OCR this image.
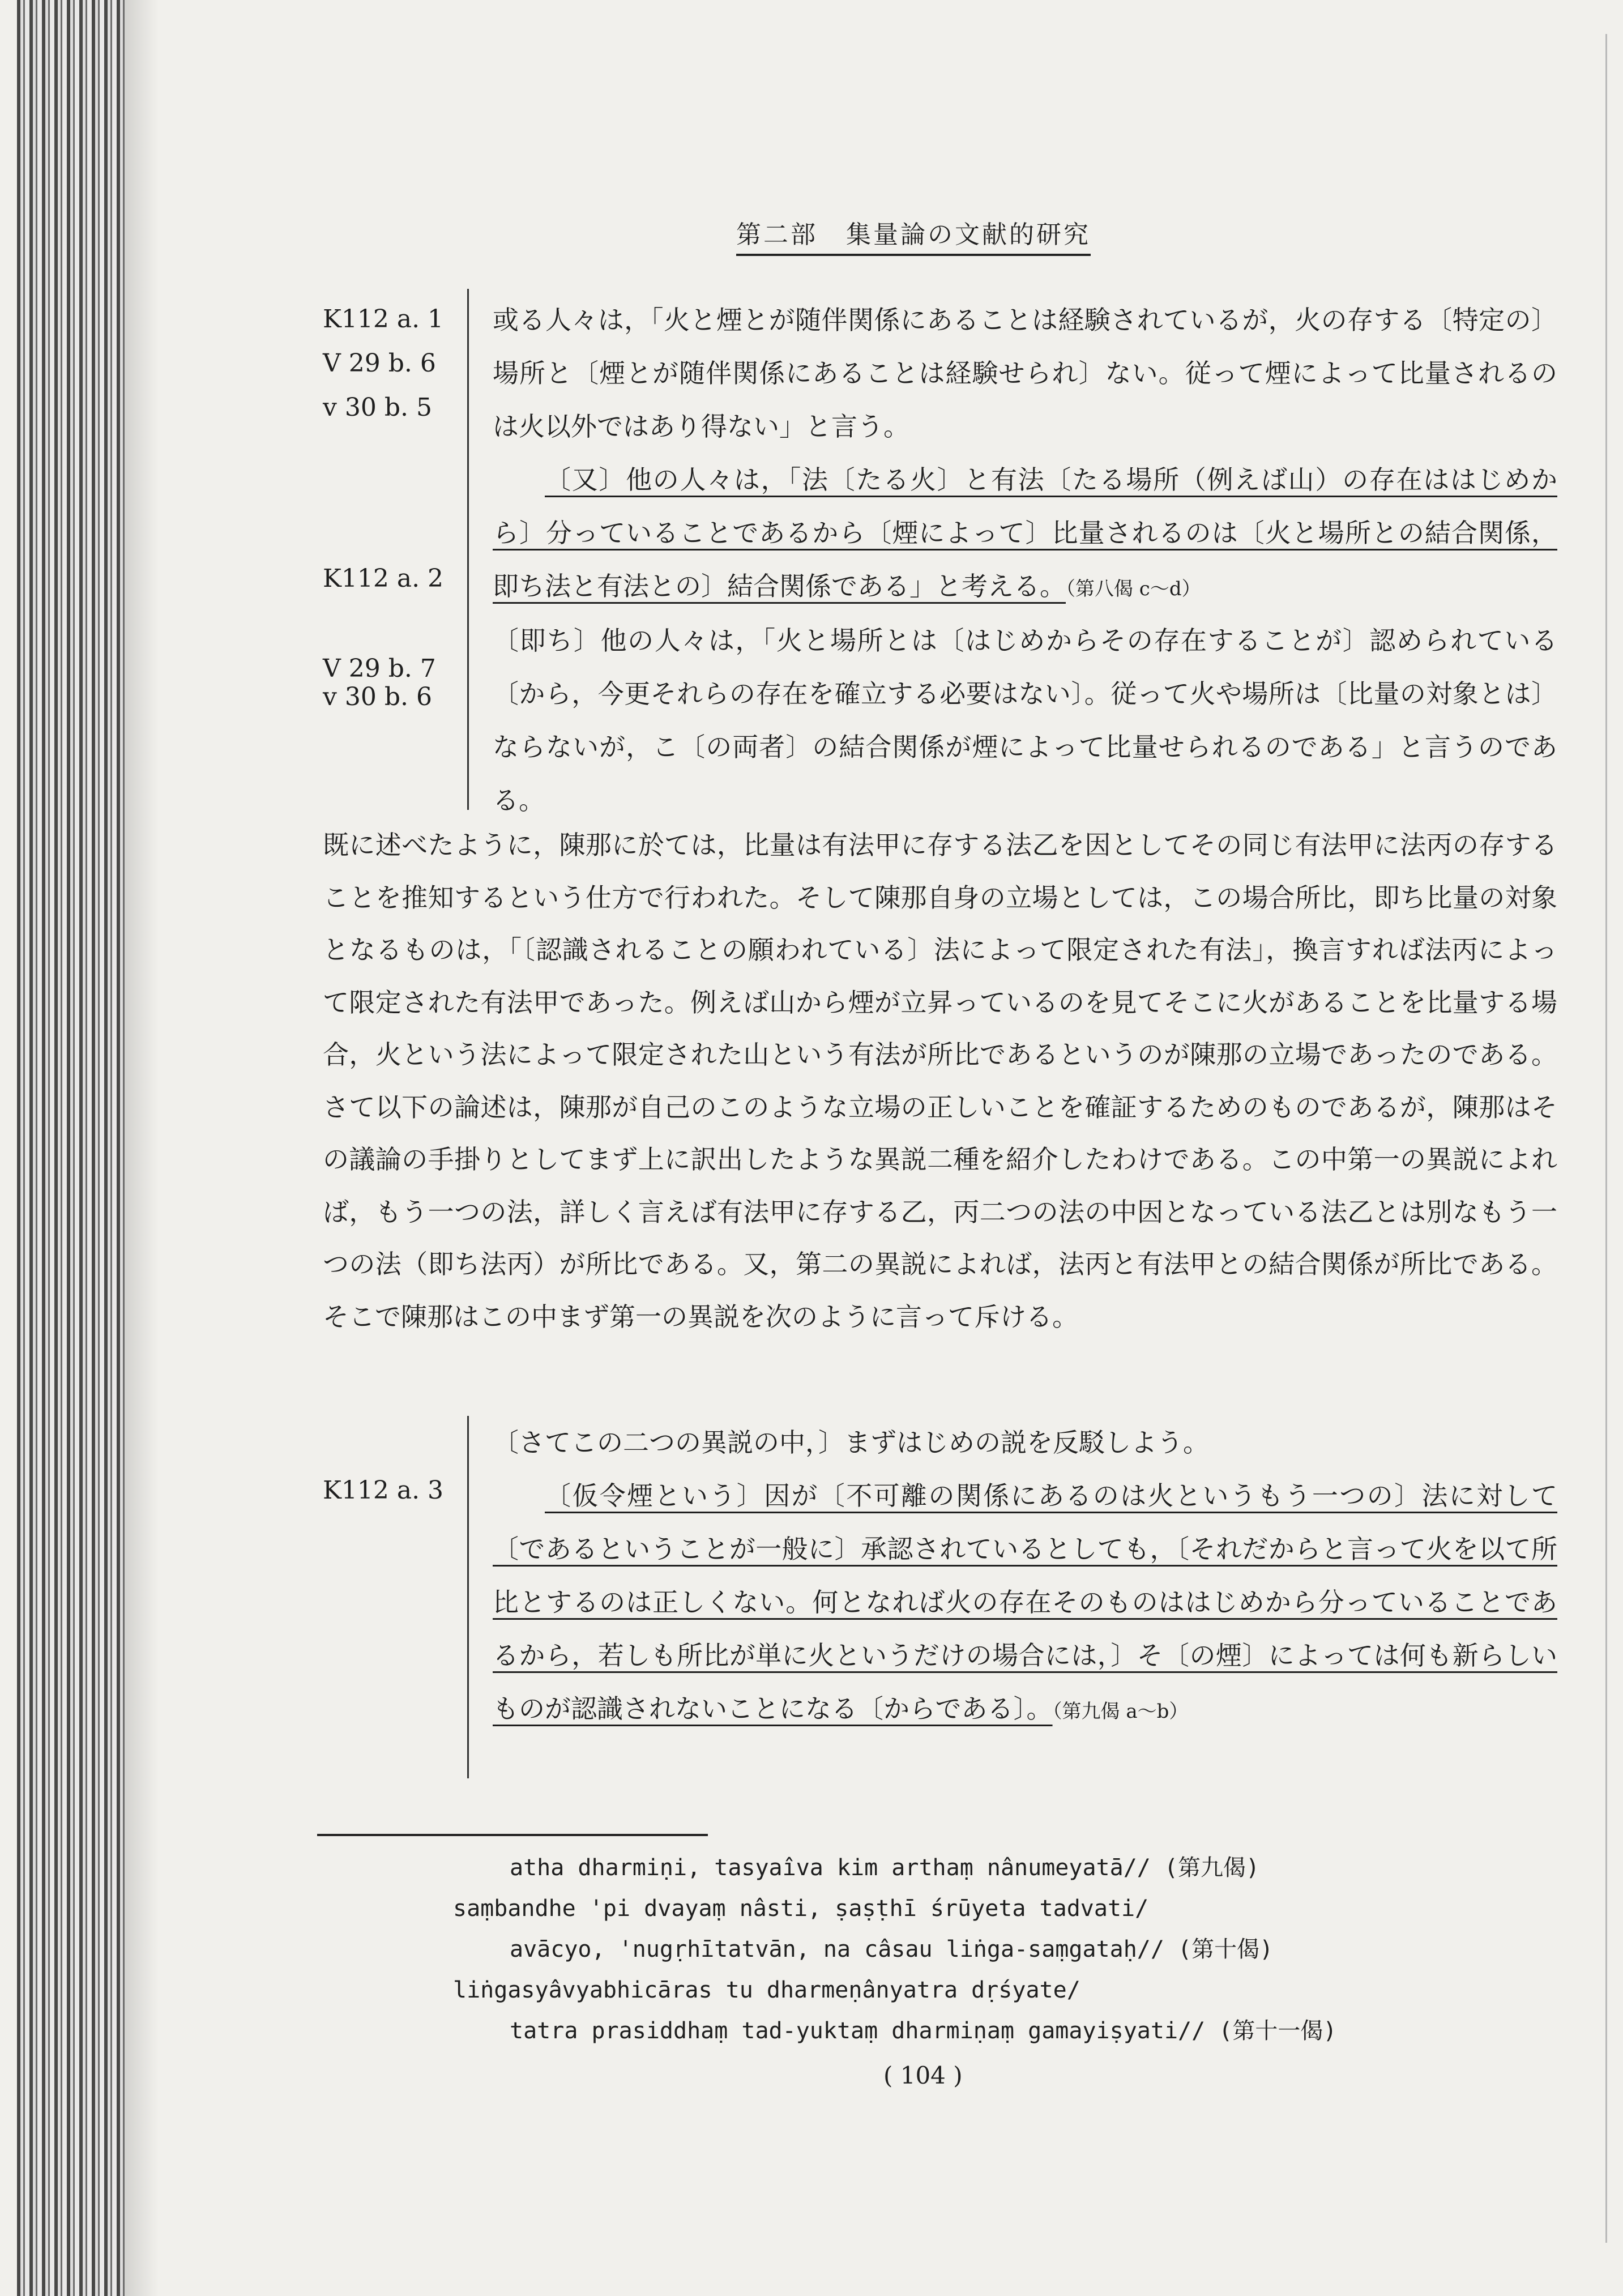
第二部 集量論の文献的研究
K112 a. 1
V 29 b. 6
v 30 b. 5
K112 a. 2
V 29 b. 7
v 30 b. 6

或る人々は，「火と煙とが随伴関係にあることは経験されているが，火の存する〔特定の〕場所と〔煙とが随伴関係にあることは経験せられ〕ない。従って煙によって比量されるのは火以外ではあり得ない」と言う。

〔又〕他の人々は，「法〔たる火〕と有法〔たる場所（例えば山）の存在ははじめから〕分っていることであるから〔煙によって〕比量されるのは〔火と場所との結合関係，即ち法と有法との〕結合関係である」と考える。（第八偈 c〜d）

〔即ち〕他の人々は，「火と場所とは〔はじめからその存在することが〕認められている〔から，今更それらの存在を確立する必要はない〕。従って火や場所は〔比量の対象とは〕ならないが，こ〔の両者〕の結合関係が煙によって比量せられるのである」と言うのである。

既に述べたように，陳那に於ては，比量は有法甲に存する法乙を因としてその同じ有法甲に法丙の存することを推知するという仕方で行われた。そして陳那自身の立場としては，この場合所比，即ち比量の対象となるものは，「〔認識されることの願われている〕法によって限定された有法」，換言すれば法丙によって限定された有法甲であった。例えば山から煙が立昇っているのを見てそこに火があることを比量する場合，火という法によって限定された山という有法が所比であるというのが陳那の立場であったのである。さて以下の論述は，陳那が自己のこのような立場の正しいことを確証するためのものであるが，陳那はその議論の手掛りとしてまず上に訳出したような異説二種を紹介したわけである。この中第一の異説によれば，もう一つの法，詳しく言えば有法甲に存する乙，丙二つの法の中因となっている法乙とは別なもう一つの法（即ち法丙）が所比である。又，第二の異説によれば，法丙と有法甲との結合関係が所比である。そこで陳那はこの中まず第一の異説を次のように言って斥ける。

K112 a. 3

〔さてこの二つの異説の中，〕まずはじめの説を反駁しよう。

〔仮令煙という〕因が〔不可離の関係にあるのは火というもう一つの〕法に対して〔であるということが一般に〕承認されているとしても，〔それだからと言って火を以て所比とするのは正しくない。何となれば火の存在そのものははじめから分っていることであるから，若しも所比が単に火というだけの場合には，〕そ〔の煙〕によっては何も新らしいものが認識されないことになる〔からである〕。（第九偈 a〜b）

atha dharmiṇi, tasyaîva kim arthaṃ nânumeyatā// (第九偈)
saṃbandhe 'pi dvayaṃ nâsti, ṣaṣṭhī śrūyeta tadvati/
avācyo, 'nugṛhītatvān, na câsau liṅga-saṃgataḥ// (第十偈)
liṅgasyâvyabhicāras tu dharmeṇânyatra dṛśyate/
tatra prasiddhaṃ tad-yuktaṃ dharmiṇaṃ gamayiṣyati// (第十一偈)
( 104 )
